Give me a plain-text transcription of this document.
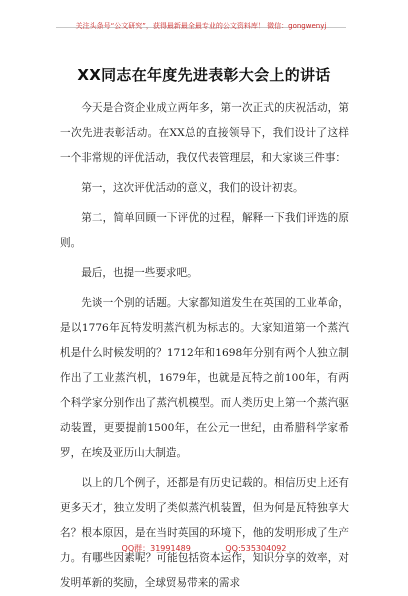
关注头条号“公文研究”，获得最新最全最专业的公文资料库！ 微信：gongwenyj
XX同志在年度先进表彰大会上的讲话

今天是合资企业成立两年多，第一次正式的庆祝活动，第一次先进表彰活动。在XX总的直接领导下，我们设计了这样一个非常规的评优活动，我仅代表管理层，和大家谈三件事：

第一，这次评优活动的意义，我们的设计初衷。

第二，简单回顾一下评优的过程，解释一下我们评选的原则。

最后，也提一些要求吧。

先谈一个别的话题。大家都知道发生在英国的工业革命，是以1776年瓦特发明蒸汽机为标志的。大家知道第一个蒸汽机是什么时候发明的？1712年和1698年分别有两个人独立制作出了工业蒸汽机，1679年，也就是瓦特之前100年，有两个科学家分别作出了蒸汽机模型。而人类历史上第一个蒸汽驱动装置，更要提前1500年，在公元一世纪，由希腊科学家希罗，在埃及亚历山大制造。

以上的几个例子，还都是有历史记载的。相信历史上还有更多天才，独立发明了类似蒸汽机装置，但为何是瓦特独享大名？根本原因，是在当时英国的环境下，他的发明形成了生产力。有哪些因素呢？可能包括资本运作，知识分享的效率，对发明革新的奖励，全球贸易带来的需求

QQ群：31991489	QQ:535304092
